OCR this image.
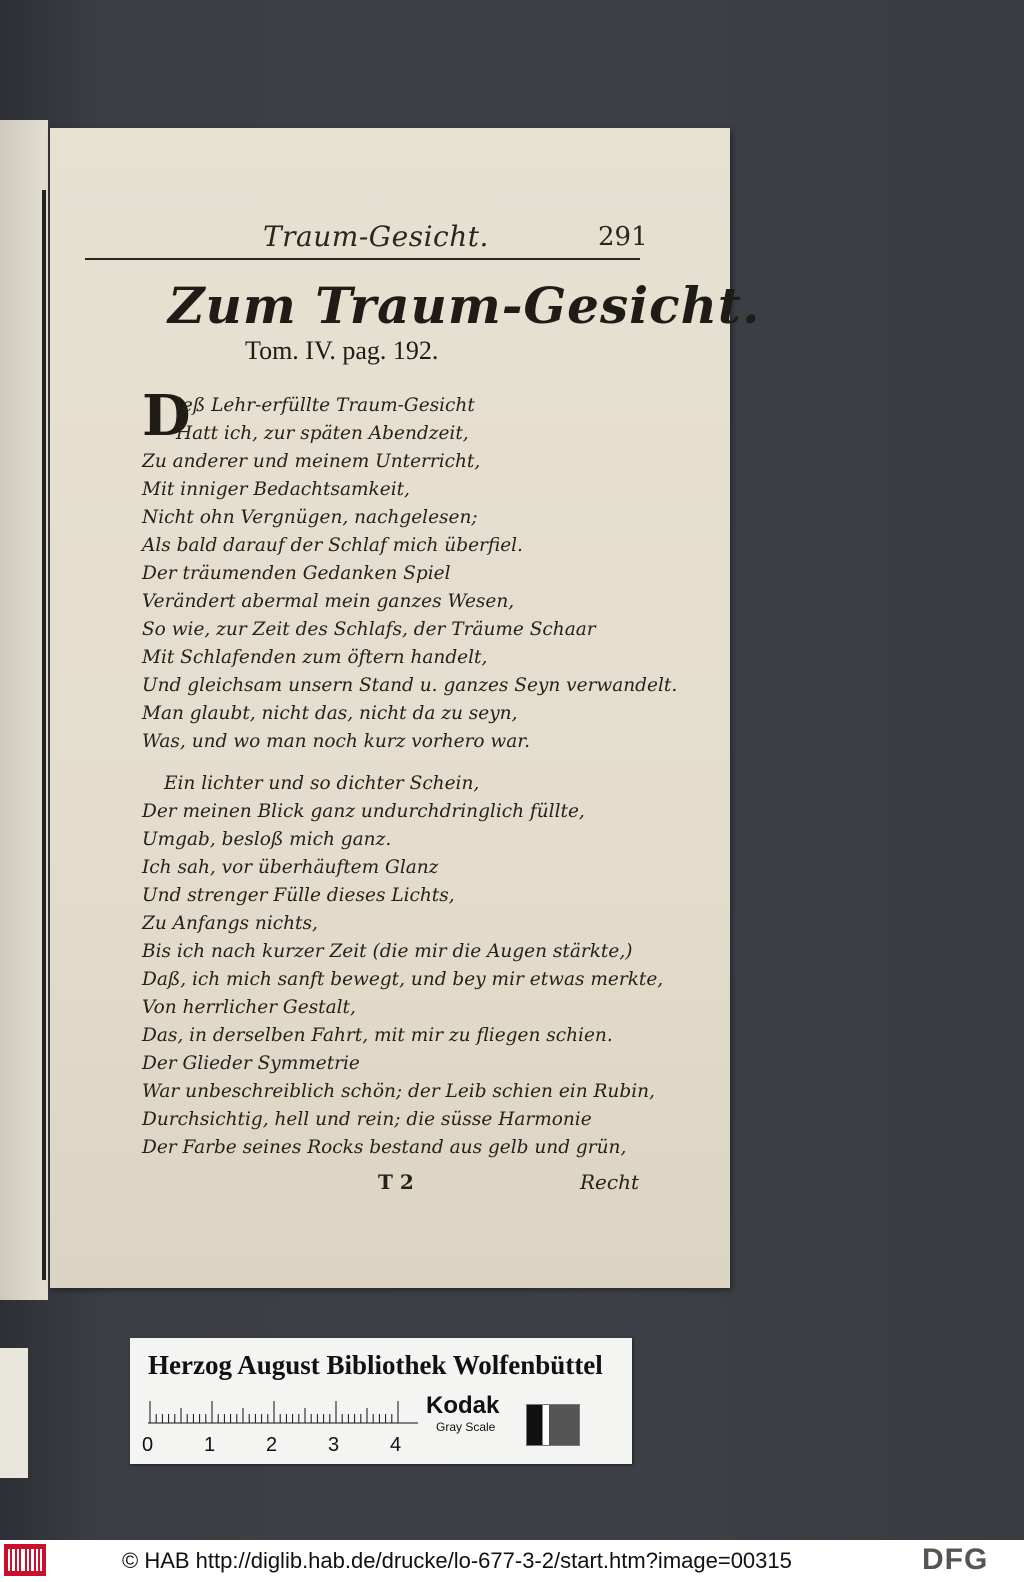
Traum-Gesicht.	291
Zum Traum-Gesicht.
Tom. IV. pag. 192.
D
ieß Lehr-erfüllte Traum-Gesicht
Hatt ich, zur späten Abendzeit,
Zu anderer und meinem Unterricht,
Mit inniger Bedachtsamkeit,
Nicht ohn Vergnügen, nachgelesen;
Als bald darauf der Schlaf mich überfiel.
Der träumenden Gedanken Spiel
Verändert abermal mein ganzes Wesen,
So wie, zur Zeit des Schlafs, der Träume Schaar
Mit Schlafenden zum öftern handelt,
Und gleichsam unsern Stand u. ganzes Seyn verwandelt.
Man glaubt, nicht das, nicht da zu seyn,
Was, und wo man noch kurz vorhero war.
Ein lichter und so dichter Schein,
Der meinen Blick ganz undurchdringlich füllte,
Umgab, besloß mich ganz.
Ich sah, vor überhäuftem Glanz
Und strenger Fülle dieses Lichts,
Zu Anfangs nichts,
Bis ich nach kurzer Zeit (die mir die Augen stärkte,)
Daß, ich mich sanft bewegt, und bey mir etwas merkte,
Von herrlicher Gestalt,
Das, in derselben Fahrt, mit mir zu fliegen schien.
Der Glieder Symmetrie
War unbeschreiblich schön; der Leib schien ein Rubin,
Durchsichtig, hell und rein; die süsse Harmonie
Der Farbe seines Rocks bestand aus gelb und grün,
T 2	Recht
Herzog August Bibliothek Wolfenbüttel
0	1	2	3	4
Kodak
Gray Scale
© HAB http://diglib.hab.de/drucke/lo-677-3-2/start.htm?image=00315	DFG
